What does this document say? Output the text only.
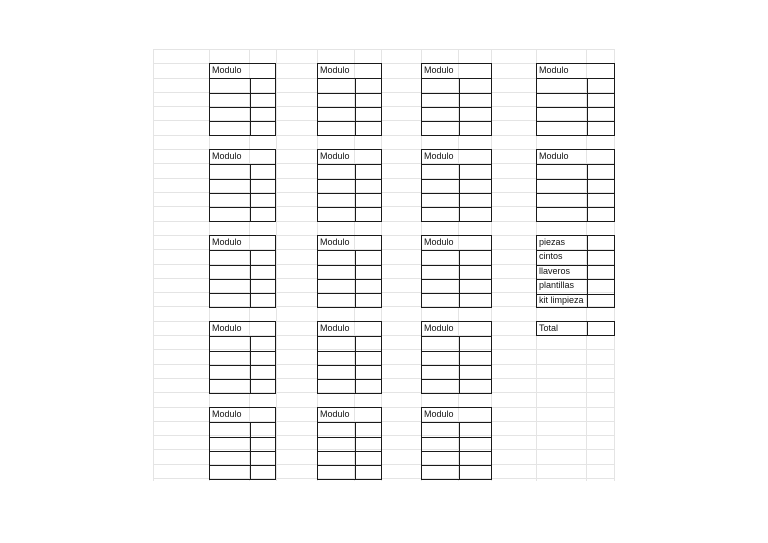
Modulo	Modulo	Modulo	Modulo
Modulo	Modulo	Modulo	Modulo
Modulo	Modulo	Modulo
Modulo	Modulo	Modulo
Modulo	Modulo	Modulo
piezas
cintos
llaveros
plantillas
kit limpieza
Total
